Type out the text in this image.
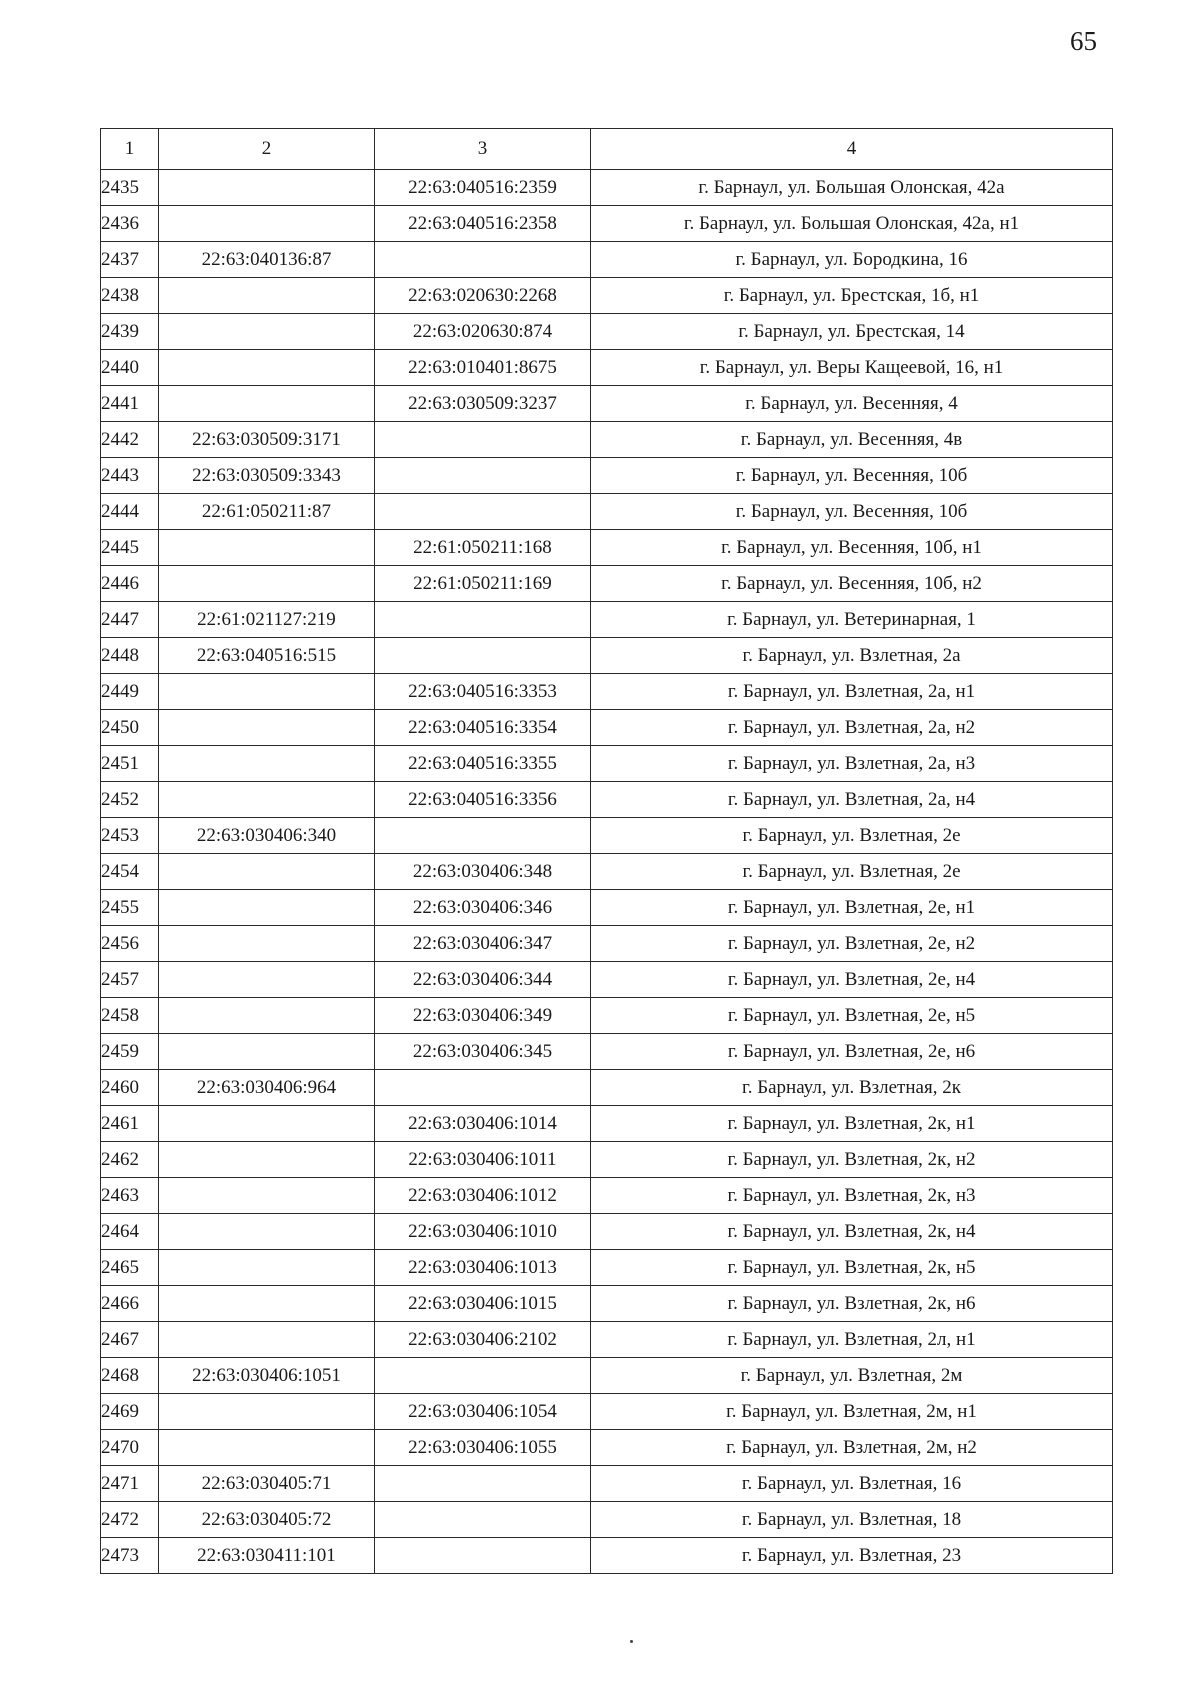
65
1	2	3	4
2435		22:63:040516:2359	г. Барнаул, ул. Большая Олонская, 42а
2436		22:63:040516:2358	г. Барнаул, ул. Большая Олонская, 42а, н1
2437	22:63:040136:87		г. Барнаул, ул. Бородкина, 16
2438		22:63:020630:2268	г. Барнаул, ул. Брестская, 1б, н1
2439		22:63:020630:874	г. Барнаул, ул. Брестская, 14
2440		22:63:010401:8675	г. Барнаул, ул. Веры Кащеевой, 16, н1
2441		22:63:030509:3237	г. Барнаул, ул. Весенняя, 4
2442	22:63:030509:3171		г. Барнаул, ул. Весенняя, 4в
2443	22:63:030509:3343		г. Барнаул, ул. Весенняя, 10б
2444	22:61:050211:87		г. Барнаул, ул. Весенняя, 10б
2445		22:61:050211:168	г. Барнаул, ул. Весенняя, 10б, н1
2446		22:61:050211:169	г. Барнаул, ул. Весенняя, 10б, н2
2447	22:61:021127:219		г. Барнаул, ул. Ветеринарная, 1
2448	22:63:040516:515		г. Барнаул, ул. Взлетная, 2а
2449		22:63:040516:3353	г. Барнаул, ул. Взлетная, 2а, н1
2450		22:63:040516:3354	г. Барнаул, ул. Взлетная, 2а, н2
2451		22:63:040516:3355	г. Барнаул, ул. Взлетная, 2а, н3
2452		22:63:040516:3356	г. Барнаул, ул. Взлетная, 2а, н4
2453	22:63:030406:340		г. Барнаул, ул. Взлетная, 2е
2454		22:63:030406:348	г. Барнаул, ул. Взлетная, 2е
2455		22:63:030406:346	г. Барнаул, ул. Взлетная, 2е, н1
2456		22:63:030406:347	г. Барнаул, ул. Взлетная, 2е, н2
2457		22:63:030406:344	г. Барнаул, ул. Взлетная, 2е, н4
2458		22:63:030406:349	г. Барнаул, ул. Взлетная, 2е, н5
2459		22:63:030406:345	г. Барнаул, ул. Взлетная, 2е, н6
2460	22:63:030406:964		г. Барнаул, ул. Взлетная, 2к
2461		22:63:030406:1014	г. Барнаул, ул. Взлетная, 2к, н1
2462		22:63:030406:1011	г. Барнаул, ул. Взлетная, 2к, н2
2463		22:63:030406:1012	г. Барнаул, ул. Взлетная, 2к, н3
2464		22:63:030406:1010	г. Барнаул, ул. Взлетная, 2к, н4
2465		22:63:030406:1013	г. Барнаул, ул. Взлетная, 2к, н5
2466		22:63:030406:1015	г. Барнаул, ул. Взлетная, 2к, н6
2467		22:63:030406:2102	г. Барнаул, ул. Взлетная, 2л, н1
2468	22:63:030406:1051		г. Барнаул, ул. Взлетная, 2м
2469		22:63:030406:1054	г. Барнаул, ул. Взлетная, 2м, н1
2470		22:63:030406:1055	г. Барнаул, ул. Взлетная, 2м, н2
2471	22:63:030405:71		г. Барнаул, ул. Взлетная, 16
2472	22:63:030405:72		г. Барнаул, ул. Взлетная, 18
2473	22:63:030411:101		г. Барнаул, ул. Взлетная, 23
